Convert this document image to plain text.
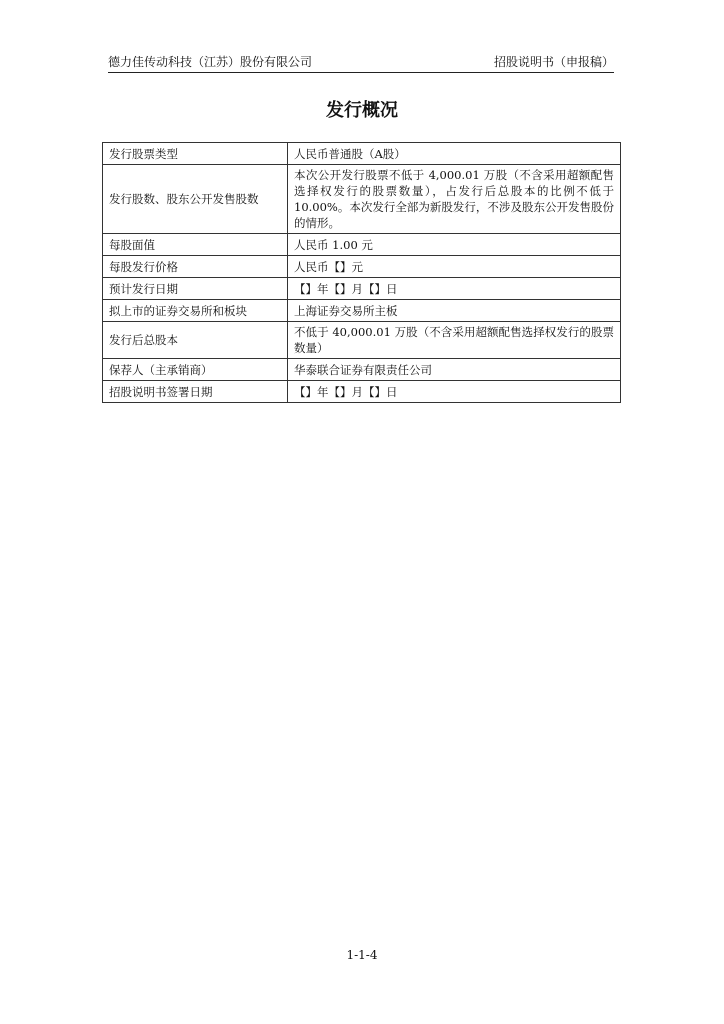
德力佳传动科技（江苏）股份有限公司	招股说明书（申报稿）
发行概况
发行股票类型	人民币普通股（A股）
发行股数、股东公开发售股数	本次公开发行股票不低于 4,000.01 万股（不含采用超额配售选择权发行的股票数量），占发行后总股本的比例不低于 10.00%。本次发行全部为新股发行，不涉及股东公开发售股份的情形。
每股面值	人民币 1.00 元
每股发行价格	人民币【】元
预计发行日期	【】年【】月【】日
拟上市的证券交易所和板块	上海证券交易所主板
发行后总股本	不低于 40,000.01 万股（不含采用超额配售选择权发行的股票数量）
保荐人（主承销商）	华泰联合证券有限责任公司
招股说明书签署日期	【】年【】月【】日
1-1-4
